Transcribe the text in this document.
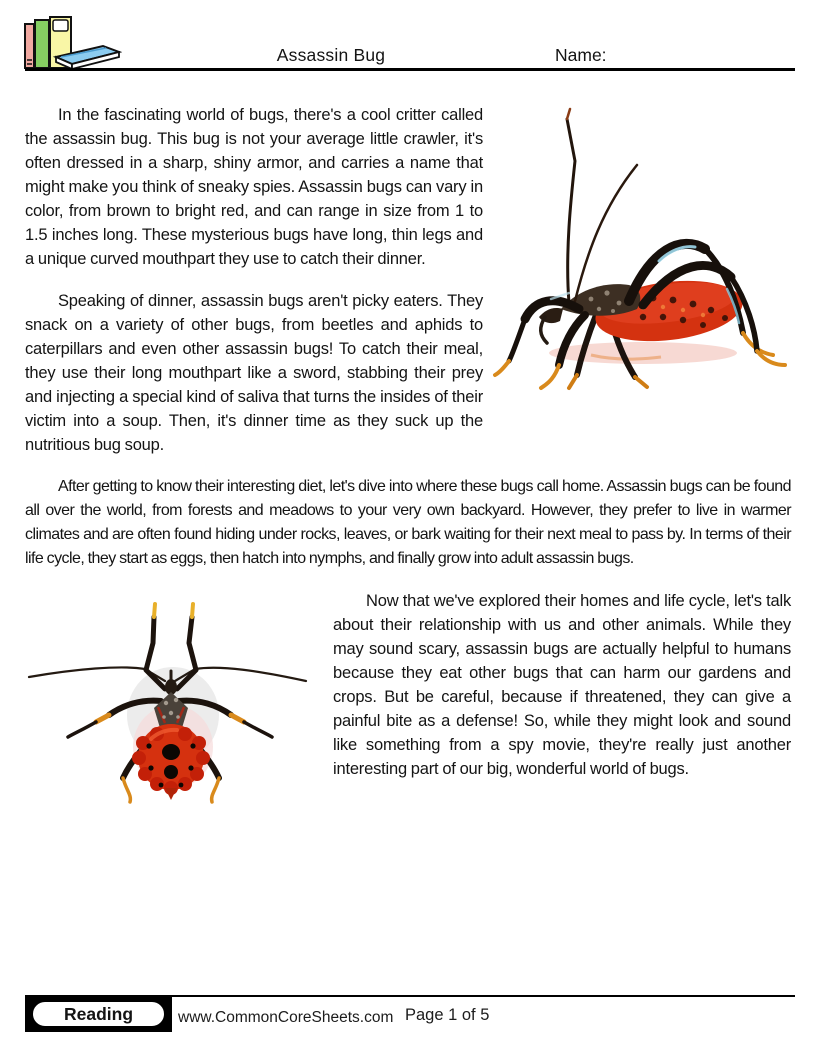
Assassin Bug	Name:

In the fascinating world of bugs, there's a cool critter called the assassin bug. This bug is not your average little crawler, it's often dressed in a sharp, shiny armor, and carries a name that might make you think of sneaky spies. Assassin bugs can vary in color, from brown to bright red, and can range in size from 1 to 1.5 inches long. These mysterious bugs have long, thin legs and a unique curved mouthpart they use to catch their dinner.

Speaking of dinner, assassin bugs aren't picky eaters. They snack on a variety of other bugs, from beetles and aphids to caterpillars and even other assassin bugs! To catch their meal, they use their long mouthpart like a sword, stabbing their prey and injecting a special kind of saliva that turns the insides of their victim into a soup. Then, it's dinner time as they suck up the nutritious bug soup.

After getting to know their interesting diet, let's dive into where these bugs call home. Assassin bugs can be found all over the world, from forests and meadows to your very own backyard. However, they prefer to live in warmer climates and are often found hiding under rocks, leaves, or bark waiting for their next meal to pass by. In terms of their life cycle, they start as eggs, then hatch into nymphs, and finally grow into adult assassin bugs.

Now that we've explored their homes and life cycle, let's talk about their relationship with us and other animals. While they may sound scary, assassin bugs are actually helpful to humans because they eat other bugs that can harm our gardens and crops. But be careful, because if threatened, they can give a painful bite as a defense! So, while they might look and sound like something from a spy movie, they're really just another interesting part of our big, wonderful world of bugs.

Reading	www.CommonCoreSheets.com Page 1 of 5
